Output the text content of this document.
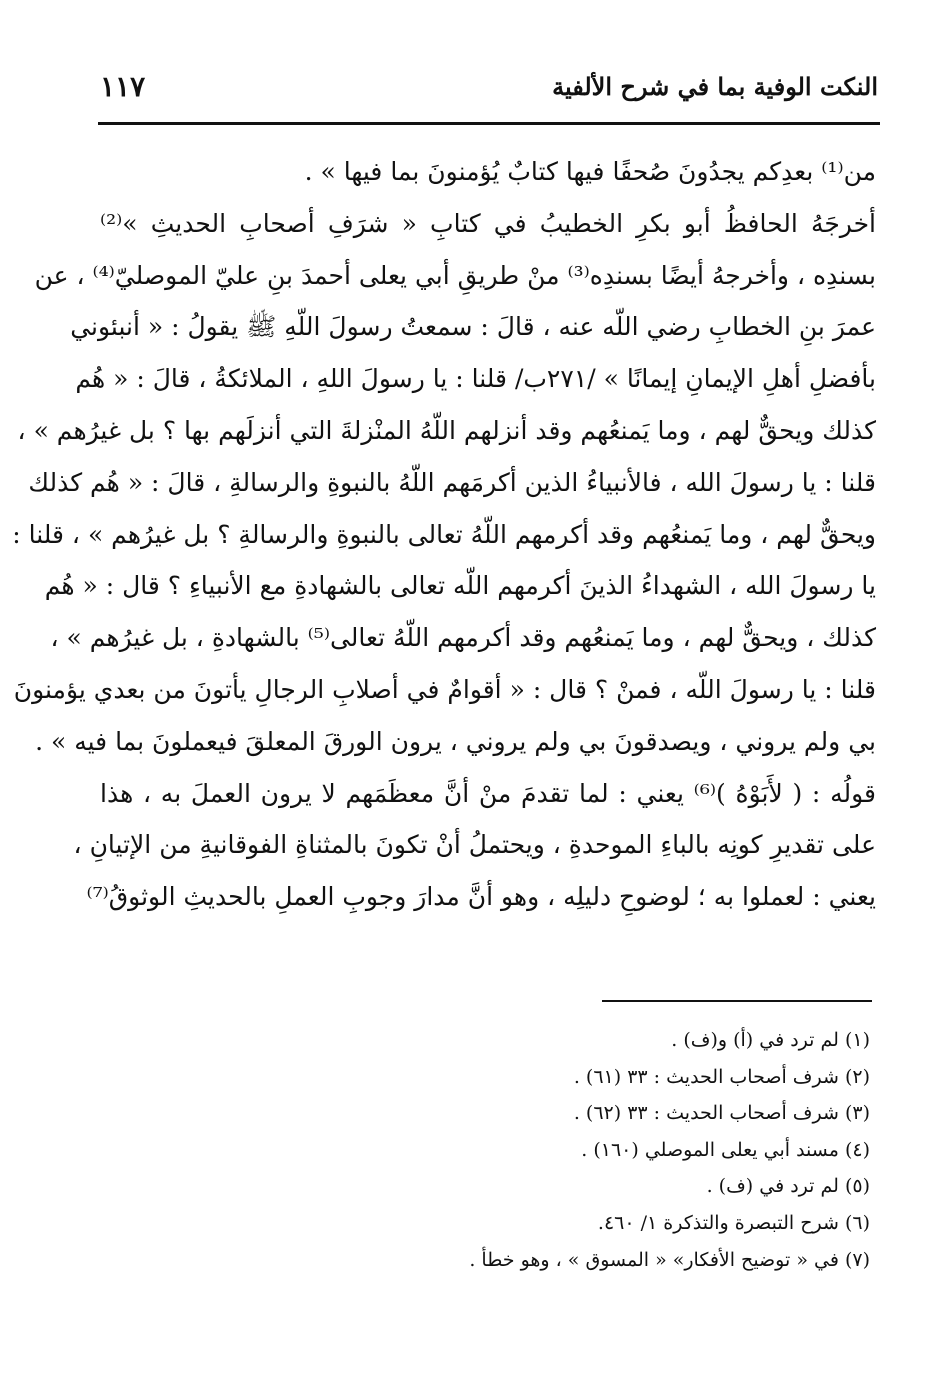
النكت الوفية بما في شرح الألفية
١١٧
من⁽¹⁾ بعدِكم يجدُونَ صُحفًا فيها كتابٌ يُؤمنونَ بما فيها » .
أخرجَهُ الحافظُ أبو بكرِ الخطيبُ في كتابِ « شرَفِ أصحابِ الحديثِ »⁽²⁾
بسندِه ، وأخرجهُ أيضًا بسندِه⁽³⁾ منْ طريقِ أبي يعلى أحمدَ بنِ عليّ الموصليّ⁽⁴⁾ ، عن
عمرَ بنِ الخطابِ رضي اللّه عنه ، قالَ : سمعتُ رسولَ اللّهِ ﷺ يقولُ : « أنبئوني
بأفضلِ أهلِ الإيمانِ إيمانًا » /٢٧١ب/ قلنا : يا رسولَ اللهِ ، الملائكةُ ، قالَ : « هُم
كذلك ويحقٌّ لهم ، وما يَمنعُهم وقد أنزلهم اللّهُ المنْزلةَ التي أنزلَهم بها ؟ بل غيرُهم » ،
قلنا : يا رسولَ الله ، فالأنبياءُ الذين أكرمَهم اللّهُ بالنبوةِ والرسالةِ ، قالَ : « هُم كذلك
ويحقٌّ لهم ، وما يَمنعُهم وقد أكرمهم اللّهُ تعالى بالنبوةِ والرسالةِ ؟ بل غيرُهم » ، قلنا :
يا رسولَ الله ، الشهداءُ الذينَ أكرمهم اللّه تعالى بالشهادةِ مع الأنبياءِ ؟ قال : « هُم
كذلك ، ويحقٌّ لهم ، وما يَمنعُهم وقد أكرمهم اللّهُ تعالى⁽⁵⁾ بالشهادةِ ، بل غيرُهم » ،
قلنا : يا رسولَ اللّه ، فمنْ ؟ قال : « أقوامٌ في أصلابِ الرجالِ يأتونَ من بعدي يؤمنونَ
بي ولم يروني ، ويصدقونَ بي ولم يروني ، يرون الورقَ المعلقَ فيعملونَ بما فيه » .
قولُه : ( لأَبَوْهُ )⁽⁶⁾ يعني : لما تقدمَ منْ أنَّ معظَمَهم لا يرون العملَ به ، هذا
على تقديرِ كونِه بالباءِ الموحدةِ ، ويحتملُ أنْ تكونَ بالمثناةِ الفوقانيةِ من الإتيانِ ،
يعني : لعملوا به ؛ لوضوحِ دليلِه ، وهو أنَّ مدارَ وجوبِ العملِ بالحديثِ الوثوقُ⁽⁷⁾
(١) لم ترد في (أ) و(ف) .
(٢) شرف أصحاب الحديث : ٣٣ (٦١) .
(٣) شرف أصحاب الحديث : ٣٣ (٦٢) .
(٤) مسند أبي يعلى الموصلي (١٦٠) .
(٥) لم ترد في (ف) .
(٦) شرح التبصرة والتذكرة ١/ ٤٦٠.
(٧) في « توضيح الأفكار» « المسوق » ، وهو خطأ .
